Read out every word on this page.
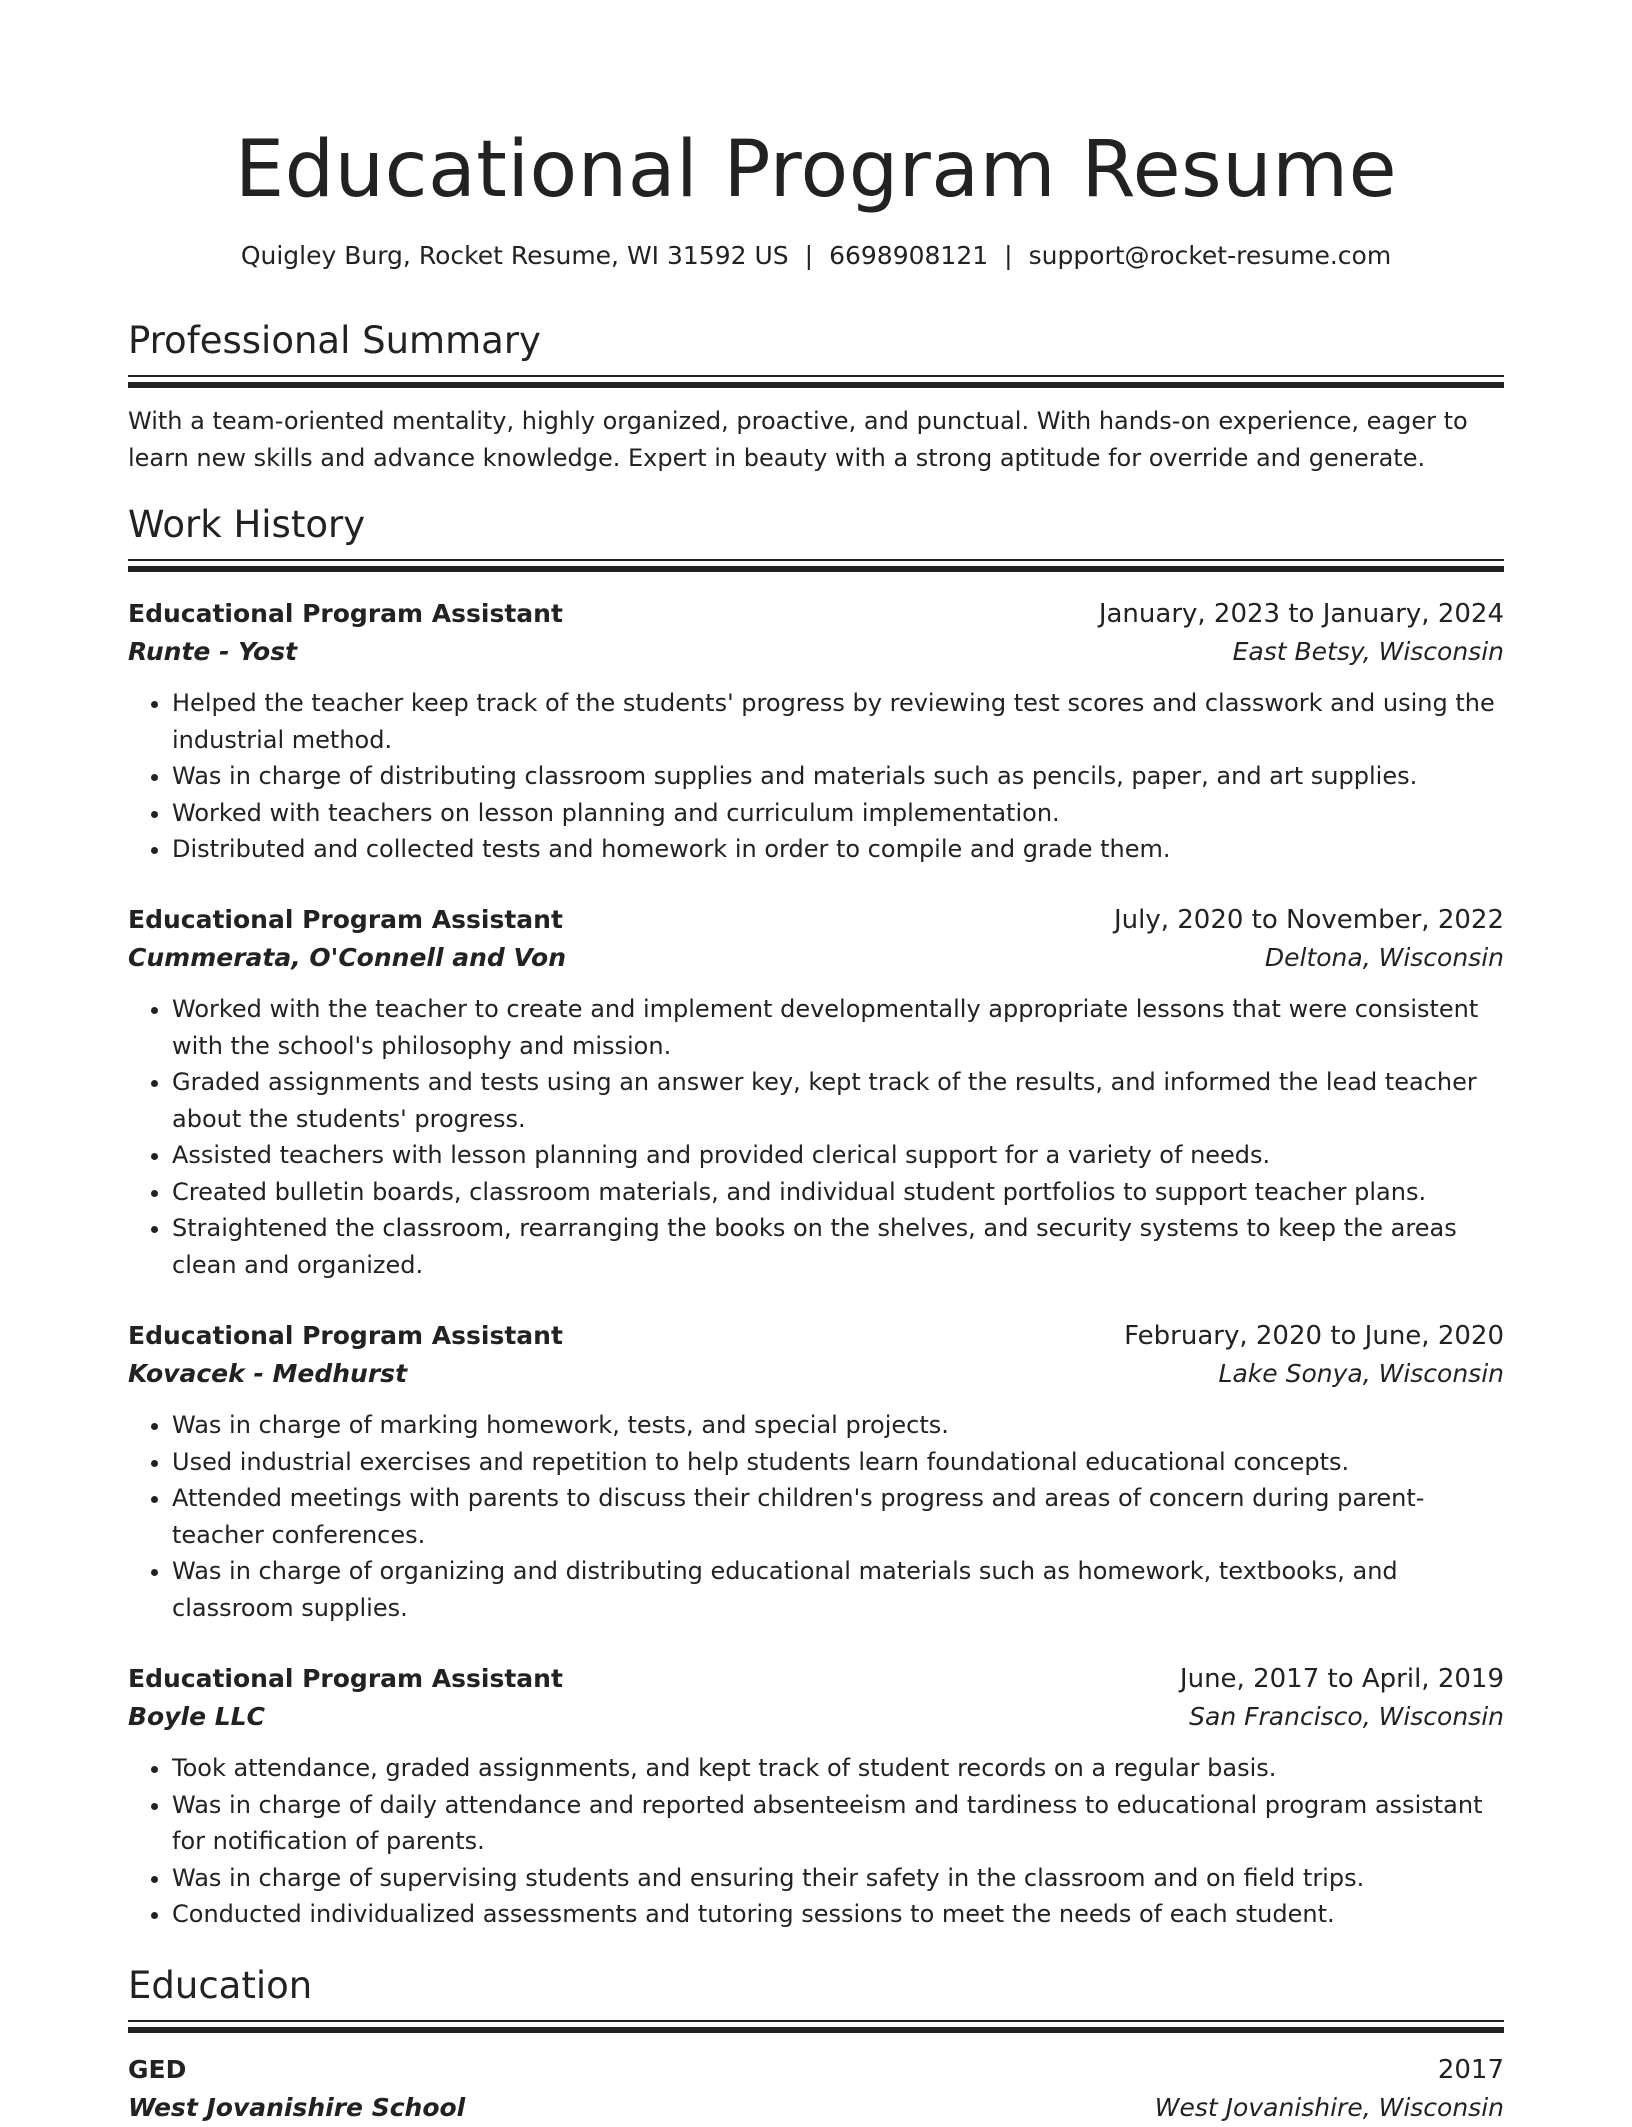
Educational Program Resume
Quigley Burg, Rocket Resume, WI 31592 US | 6698908121 | support@rocket-resume.com
Professional Summary

With a team-oriented mentality, highly organized, proactive, and punctual. With hands-on experience, eager to learn new skills and advance knowledge. Expert in beauty with a strong aptitude for override and generate.

Work History
Educational Program Assistant	January, 2023 to January, 2024
Runte - Yost	East Betsy, Wisconsin
• Helped the teacher keep track of the students' progress by reviewing test scores and classwork and using the industrial method.
• Was in charge of distributing classroom supplies and materials such as pencils, paper, and art supplies.
• Worked with teachers on lesson planning and curriculum implementation.
• Distributed and collected tests and homework in order to compile and grade them.
Educational Program Assistant	July, 2020 to November, 2022
Cummerata, O'Connell and Von	Deltona, Wisconsin
• Worked with the teacher to create and implement developmentally appropriate lessons that were consistent with the school's philosophy and mission.
• Graded assignments and tests using an answer key, kept track of the results, and informed the lead teacher about the students' progress.
• Assisted teachers with lesson planning and provided clerical support for a variety of needs.
• Created bulletin boards, classroom materials, and individual student portfolios to support teacher plans.
• Straightened the classroom, rearranging the books on the shelves, and security systems to keep the areas clean and organized.
Educational Program Assistant	February, 2020 to June, 2020
Kovacek - Medhurst	Lake Sonya, Wisconsin
• Was in charge of marking homework, tests, and special projects.
• Used industrial exercises and repetition to help students learn foundational educational concepts.
• Attended meetings with parents to discuss their children's progress and areas of concern during parent-teacher conferences.
• Was in charge of organizing and distributing educational materials such as homework, textbooks, and classroom supplies.
Educational Program Assistant	June, 2017 to April, 2019
Boyle LLC	San Francisco, Wisconsin
• Took attendance, graded assignments, and kept track of student records on a regular basis.
• Was in charge of daily attendance and reported absenteeism and tardiness to educational program assistant for notification of parents.
• Was in charge of supervising students and ensuring their safety in the classroom and on field trips.
• Conducted individualized assessments and tutoring sessions to meet the needs of each student.
Education
GED	2017
West Jovanishire School	West Jovanishire, Wisconsin
